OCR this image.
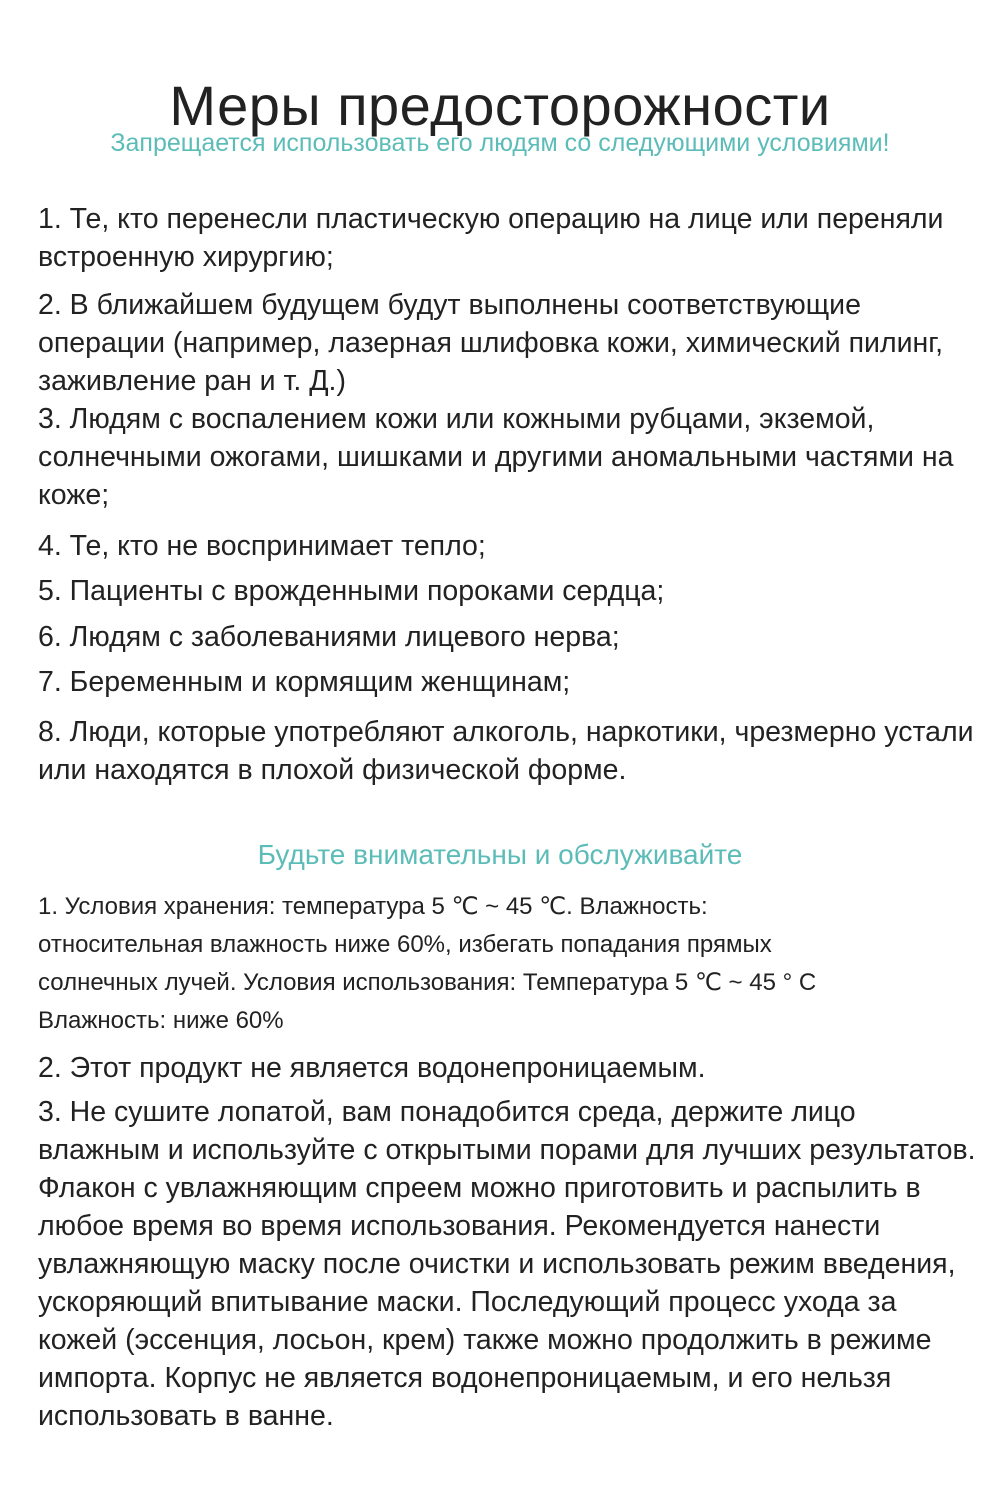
Меры предосторожности
Запрещается использовать его людям со следующими условиями!

1. Те, кто перенесли пластическую операцию на лице или переняли встроенную хирургию;

2. В ближайшем будущем будут выполнены соответствующие операции (например, лазерная шлифовка кожи, химический пилинг, заживление ран и т. Д.)

3. Людям с воспалением кожи или кожными рубцами, экземой, солнечными ожогами, шишками и другими аномальными частями на коже;

4. Те, кто не воспринимает тепло;

5. Пациенты с врожденными пороками сердца;

6. Людям с заболеваниями лицевого нерва;

7. Беременным и кормящим женщинам;

8. Люди, которые употребляют алкоголь, наркотики, чрезмерно устали или находятся в плохой физической форме.

Будьте внимательны и обслуживайте

1. Условия хранения: температура 5 ℃ ~ 45 ℃. Влажность: относительная влажность ниже 60%, избегать попадания прямых солнечных лучей. Условия использования: Температура 5 ℃ ~ 45 ° C Влажность: ниже 60%

2. Этот продукт не является водонепроницаемым.

3. Не сушите лопатой, вам понадобится среда, держите лицо влажным и используйте с открытыми порами для лучших результатов. Флакон с увлажняющим спреем можно приготовить и распылить в любое время во время использования. Рекомендуется нанести увлажняющую маску после очистки и использовать режим введения, ускоряющий впитывание маски. Последующий процесс ухода за кожей (эссенция, лосьон, крем) также можно продолжить в режиме импорта. Корпус не является водонепроницаемым, и его нельзя использовать в ванне.
